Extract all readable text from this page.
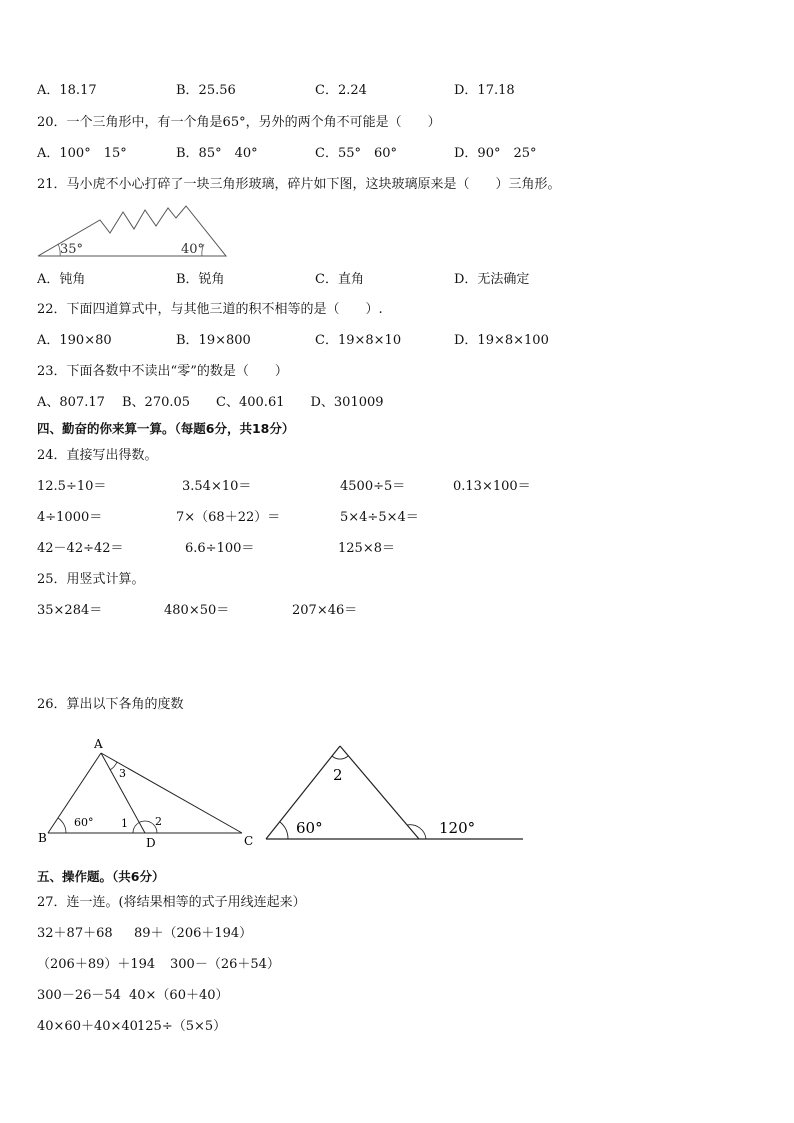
A．18.17	B．25.56	C．2.24	D．17.18
20．一个三角形中，有一个角是65°，另外的两个角不可能是（　　）
A．100°　15°	B．85°　40°	C．55°　60°	D．90°　25°
21．马小虎不小心打碎了一块三角形玻璃，碎片如下图，这块玻璃原来是（　　）三角形。
35°	40°
A．钝角	B．锐角	C．直角	D．无法确定
22．下面四道算式中，与其他三道的积不相等的是（　　）.
A．190×80	B．19×800	C．19×8×10	D．19×8×100
23．下面各数中不读出“零”的数是（　　）
A、807.17　 B、270.05　　C、400.61　　D、301009
四、勤奋的你来算一算。（每题6分，共18分）
24．直接写出得数。
12.5÷10＝	3.54×10＝	4500÷5＝	0.13×100＝
4÷1000＝	7×（68＋22）＝	5×4÷5×4＝
42－42÷42＝	6.6÷100＝	125×8＝
25．用竖式计算。
35×284＝	480×50＝	207×46＝
26．算出以下各角的度数
A
B	C
D
60°
3
1 2
2
60°	120°
五、操作题。（共6分）
27．连一连。(将结果相等的式子用线连起来）
32＋87＋68 89＋（206＋194）
（206＋89）＋194 300－（26＋54）
300－26－54 40×（60＋40）
40×60＋40×40 125÷（5×5）
